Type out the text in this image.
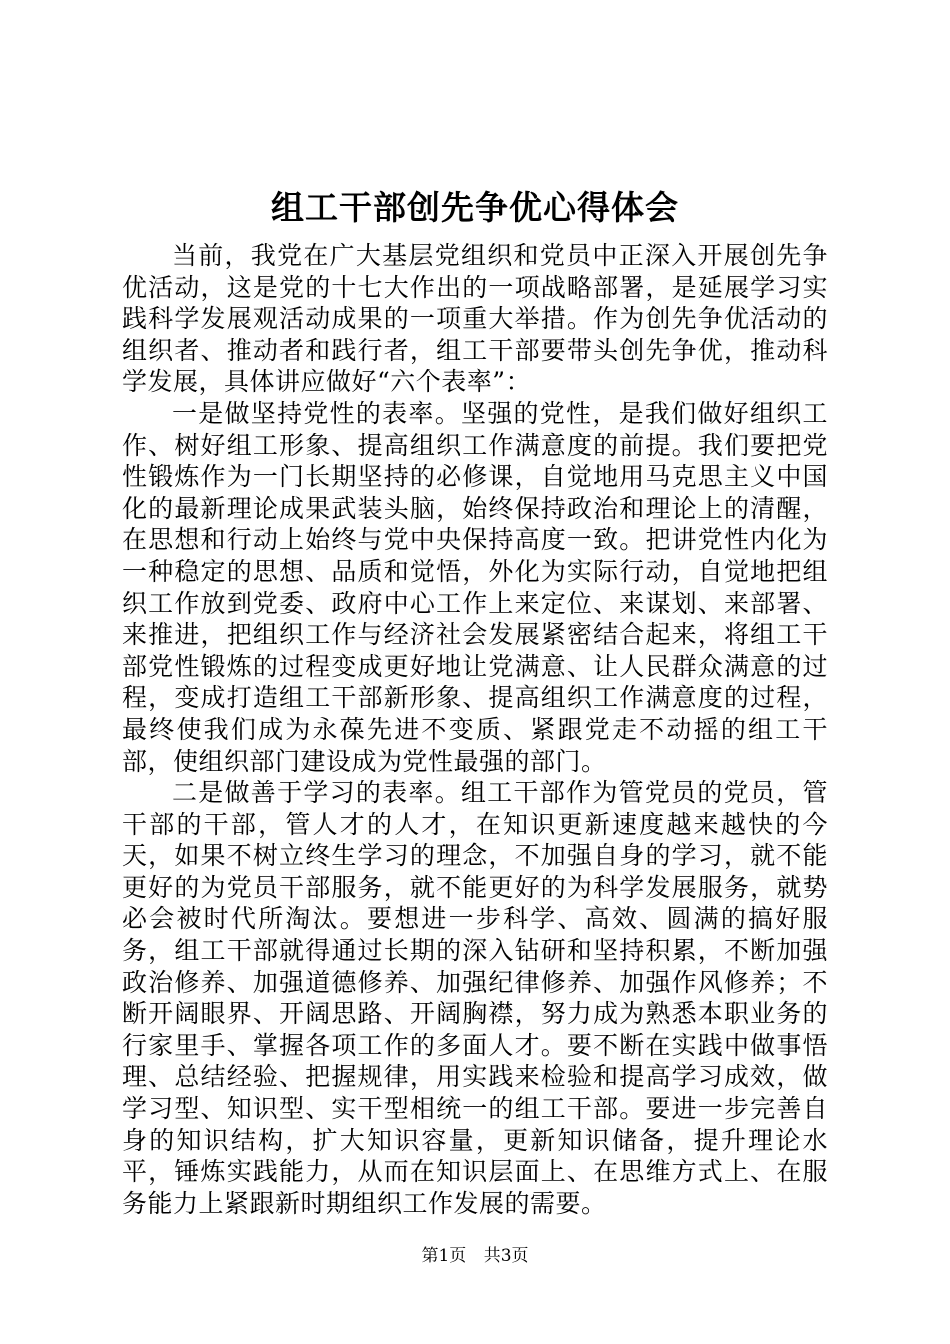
组工干部创先争优心得体会

当前，我党在广大基层党组织和党员中正深入开展创先争优活动，这是党的十七大作出的一项战略部署，是延展学习实践科学发展观活动成果的一项重大举措。作为创先争优活动的组织者、推动者和践行者，组工干部要带头创先争优，推动科学发展，具体讲应做好“六个表率”：

一是做坚持党性的表率。坚强的党性，是我们做好组织工作、树好组工形象、提高组织工作满意度的前提。我们要把党性锻炼作为一门长期坚持的必修课，自觉地用马克思主义中国化的最新理论成果武装头脑，始终保持政治和理论上的清醒，在思想和行动上始终与党中央保持高度一致。把讲党性内化为一种稳定的思想、品质和觉悟，外化为实际行动，自觉地把组织工作放到党委、政府中心工作上来定位、来谋划、来部署、来推进，把组织工作与经济社会发展紧密结合起来，将组工干部党性锻炼的过程变成更好地让党满意、让人民群众满意的过程，变成打造组工干部新形象、提高组织工作满意度的过程，最终使我们成为永葆先进不变质、紧跟党走不动摇的组工干部，使组织部门建设成为党性最强的部门。

二是做善于学习的表率。组工干部作为管党员的党员，管干部的干部，管人才的人才，在知识更新速度越来越快的今天，如果不树立终生学习的理念，不加强自身的学习，就不能更好的为党员干部服务，就不能更好的为科学发展服务，就势必会被时代所淘汰。要想进一步科学、高效、圆满的搞好服务，组工干部就得通过长期的深入钻研和坚持积累，不断加强政治修养、加强道德修养、加强纪律修养、加强作风修养；不断开阔眼界、开阔思路、开阔胸襟，努力成为熟悉本职业务的行家里手、掌握各项工作的多面人才。要不断在实践中做事悟理、总结经验、把握规律，用实践来检验和提高学习成效，做学习型、知识型、实干型相统一的组工干部。要进一步完善自身的知识结构，扩大知识容量，更新知识储备，提升理论水平，锤炼实践能力，从而在知识层面上、在思维方式上、在服务能力上紧跟新时期组织工作发展的需要。

第1页 共3页
